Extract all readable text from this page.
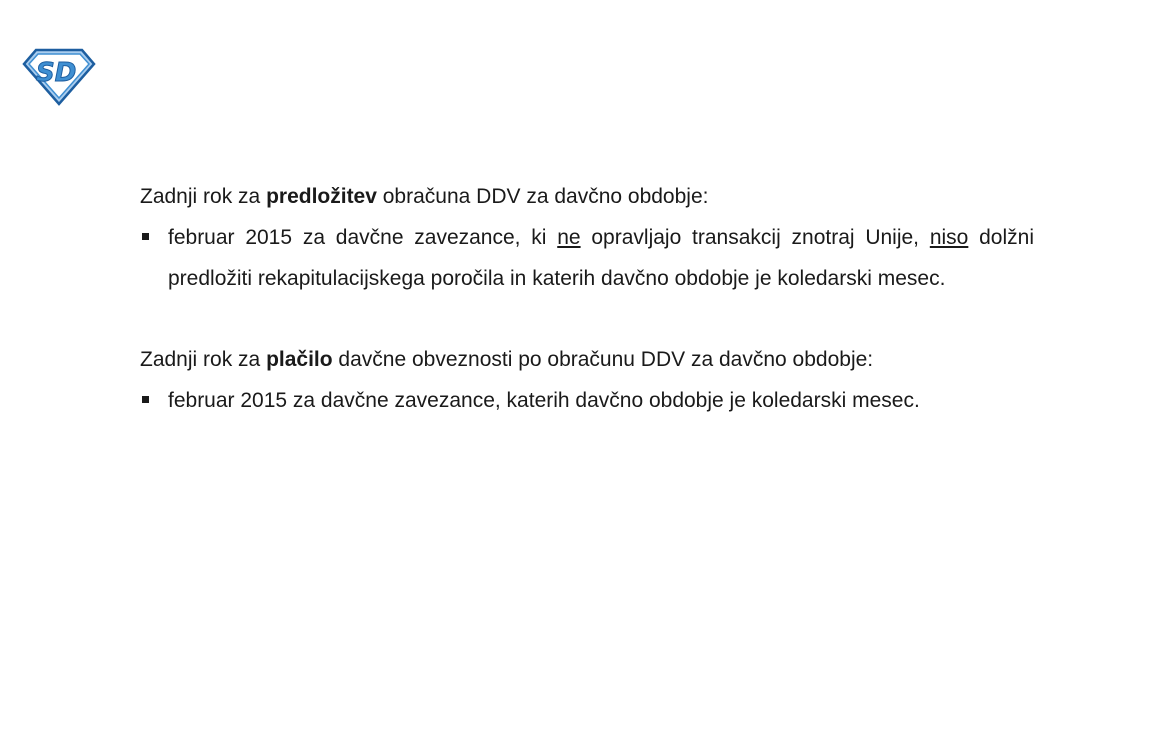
SD

Zadnji rok za predložitev obračuna DDV za davčno obdobje:

februar 2015 za davčne zavezance, ki ne opravljajo transakcij znotraj Unije, niso dolžni predložiti rekapitulacijskega poročila in katerih davčno obdobje je koledarski mesec.

Zadnji rok za plačilo davčne obveznosti po obračunu DDV za davčno obdobje:

februar 2015 za davčne zavezance, katerih davčno obdobje je koledarski mesec.
